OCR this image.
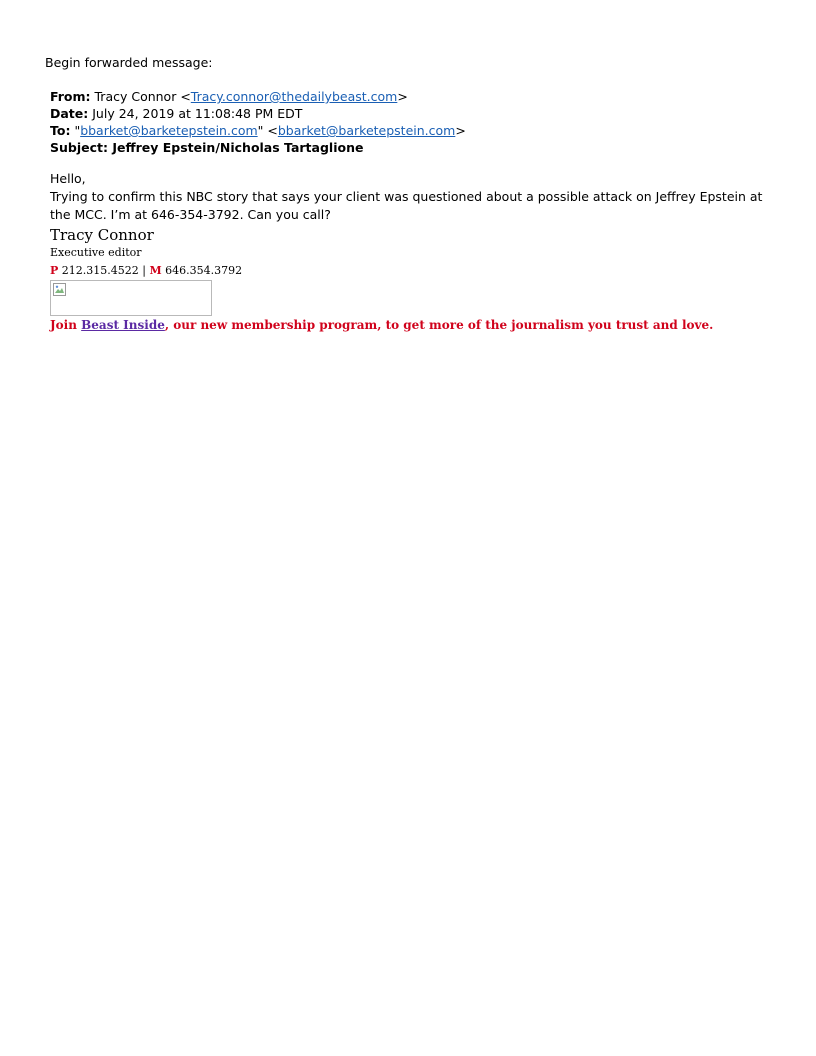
Begin forwarded message:
From: Tracy Connor <Tracy.connor@thedailybeast.com>
Date: July 24, 2019 at 11:08:48 PM EDT
To: "bbarket@barketepstein.com" <bbarket@barketepstein.com>
Subject: Jeffrey Epstein/Nicholas Tartaglione

Hello,

Trying to confirm this NBC story that says your client was questioned about a possible attack on Jeffrey Epstein at the MCC. I’m at 646-354-3792. Can you call?

Tracy Connor
Executive editor
P 212.315.4522 | M 646.354.3792
Join Beast Inside, our new membership program, to get more of the journalism you trust and love.
